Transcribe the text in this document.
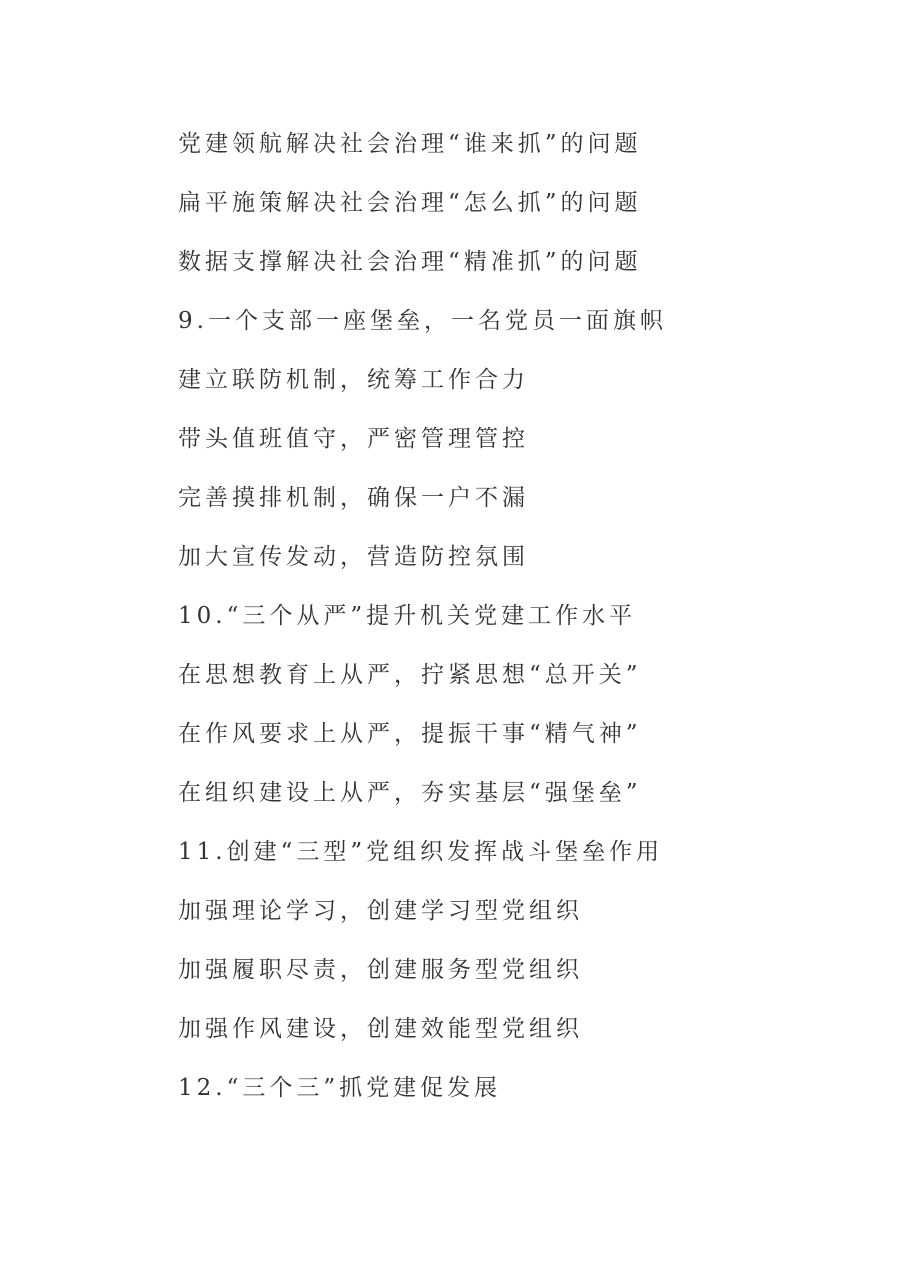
党建领航解决社会治理“谁来抓”的问题
扁平施策解决社会治理“怎么抓”的问题
数据支撑解决社会治理“精准抓”的问题
9.一个支部一座堡垒，一名党员一面旗帜
建立联防机制，统筹工作合力
带头值班值守，严密管理管控
完善摸排机制，确保一户不漏
加大宣传发动，营造防控氛围
10.“三个从严”提升机关党建工作水平
在思想教育上从严，拧紧思想“总开关”
在作风要求上从严，提振干事“精气神”
在组织建设上从严，夯实基层“强堡垒”
11.创建“三型”党组织发挥战斗堡垒作用
加强理论学习，创建学习型党组织
加强履职尽责，创建服务型党组织
加强作风建设，创建效能型党组织
12.“三个三”抓党建促发展
